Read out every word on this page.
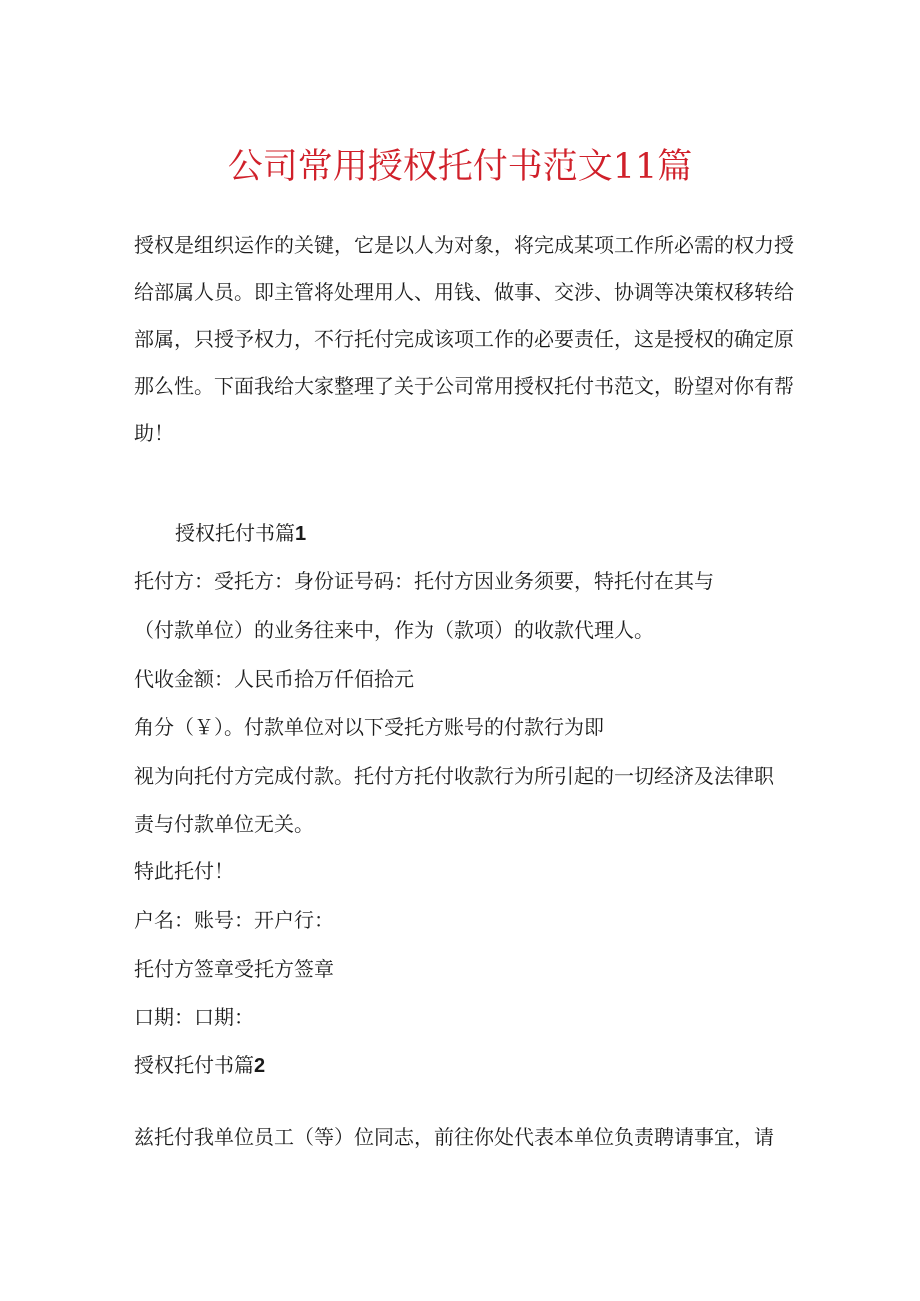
公司常用授权托付书范文11篇

授权是组织运作的关键，它是以人为对象，将完成某项工作所必需的权力授给部属人员。即主管将处理用人、用钱、做事、交涉、协调等决策权移转给部属，只授予权力，不行托付完成该项工作的必要责任，这是授权的确定原那么性。下面我给大家整理了关于公司常用授权托付书范文，盼望对你有帮助！

授权托付书篇1

托付方：受托方：身份证号码：托付方因业务须要，特托付在其与

（付款单位）的业务往来中，作为（款项）的收款代理人。

代收金额：人民币拾万仟佰拾元

角分（￥）。付款单位对以下受托方账号的付款行为即

视为向托付方完成付款。托付方托付收款行为所引起的一切经济及法律职

责与付款单位无关。

特此托付！

户名：账号：开户行：

托付方签章受托方签章

口期：口期：

授权托付书篇2

兹托付我单位员工（等）位同志，前往你处代表本单位负责聘请事宜，请
